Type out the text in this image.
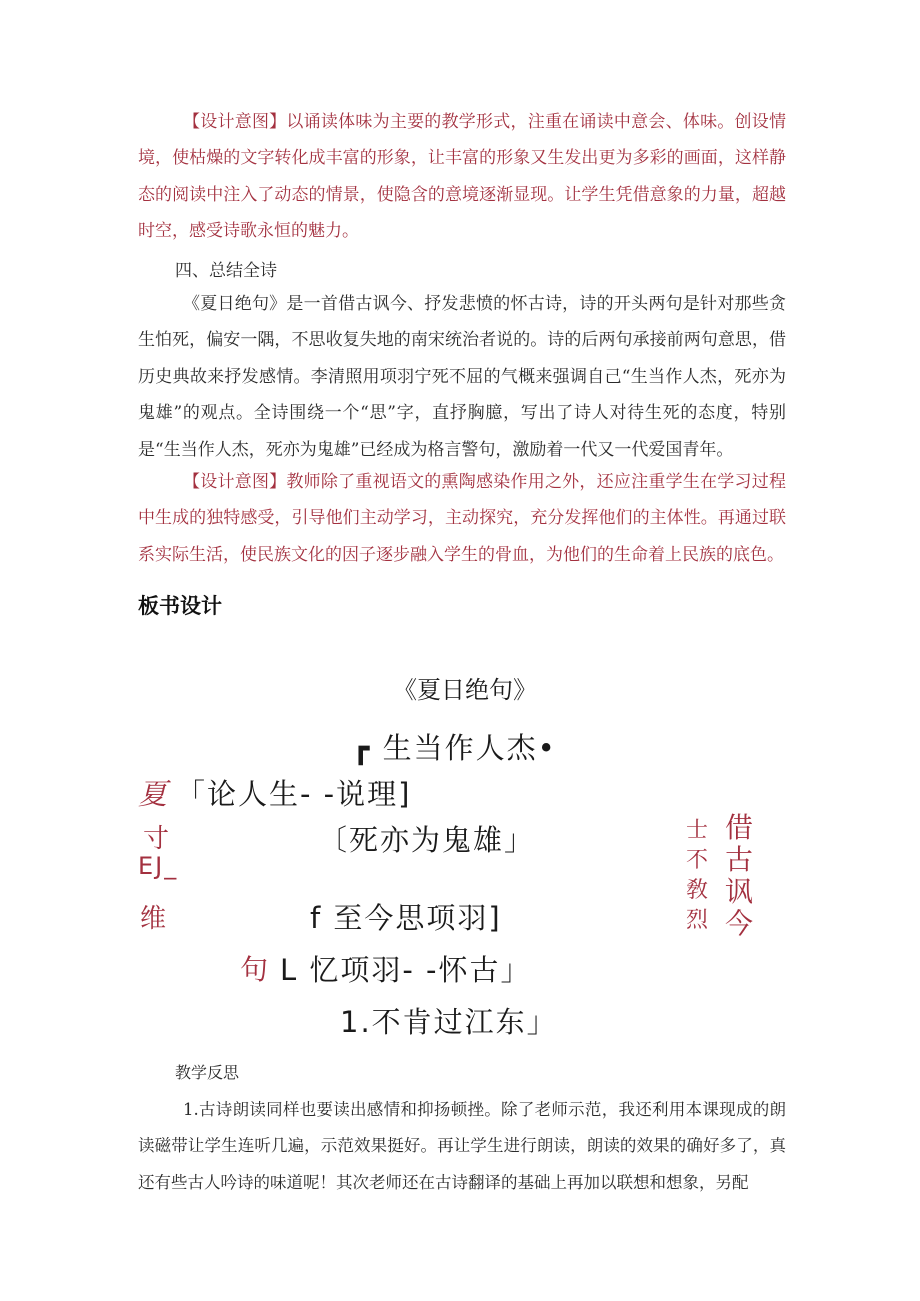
【设计意图】以诵读体味为主要的教学形式，注重在诵读中意会、体味。创设情境，使枯燥的文字转化成丰富的形象，让丰富的形象又生发出更为多彩的画面，这样静态的阅读中注入了动态的情景，使隐含的意境逐渐显现。让学生凭借意象的力量，超越时空，感受诗歌永恒的魅力。

四、总结全诗

《夏日绝句》是一首借古讽今、抒发悲愤的怀古诗，诗的开头两句是针对那些贪生怕死，偏安一隅，不思收复失地的南宋统治者说的。诗的后两句承接前两句意思，借历史典故来抒发感情。李清照用项羽宁死不屈的气概来强调自己“生当作人杰，死亦为鬼雄”的观点。全诗围绕一个“思”字，直抒胸臆，写出了诗人对待生死的态度，特别是“生当作人杰，死亦为鬼雄”已经成为格言警句，激励着一代又一代爱国青年。

【设计意图】教师除了重视语文的熏陶感染作用之外，还应注重学生在学习过程中生成的独特感受，引导他们主动学习，主动探究，充分发挥他们的主体性。再通过联系实际生活，使民族文化的因子逐步融入学生的骨血，为他们的生命着上民族的底色。

板书设计
《夏日绝句》
┏ 生当作人杰•
夏 「论人生- -说理]
寸	〔死亦为鬼雄」
EJ_
维	f 至今思项羽]
句 L 忆项羽- -怀古」
1.不肯过江东」
士不敎烈
借古讽今
教学反思

1.古诗朗读同样也要读出感情和抑扬顿挫。除了老师示范，我还利用本课现成的朗读磁带让学生连听几遍，示范效果挺好。再让学生进行朗读，朗读的效果的确好多了，真还有些古人吟诗的味道呢！其次老师还在古诗翻译的基础上再加以联想和想象，另配
